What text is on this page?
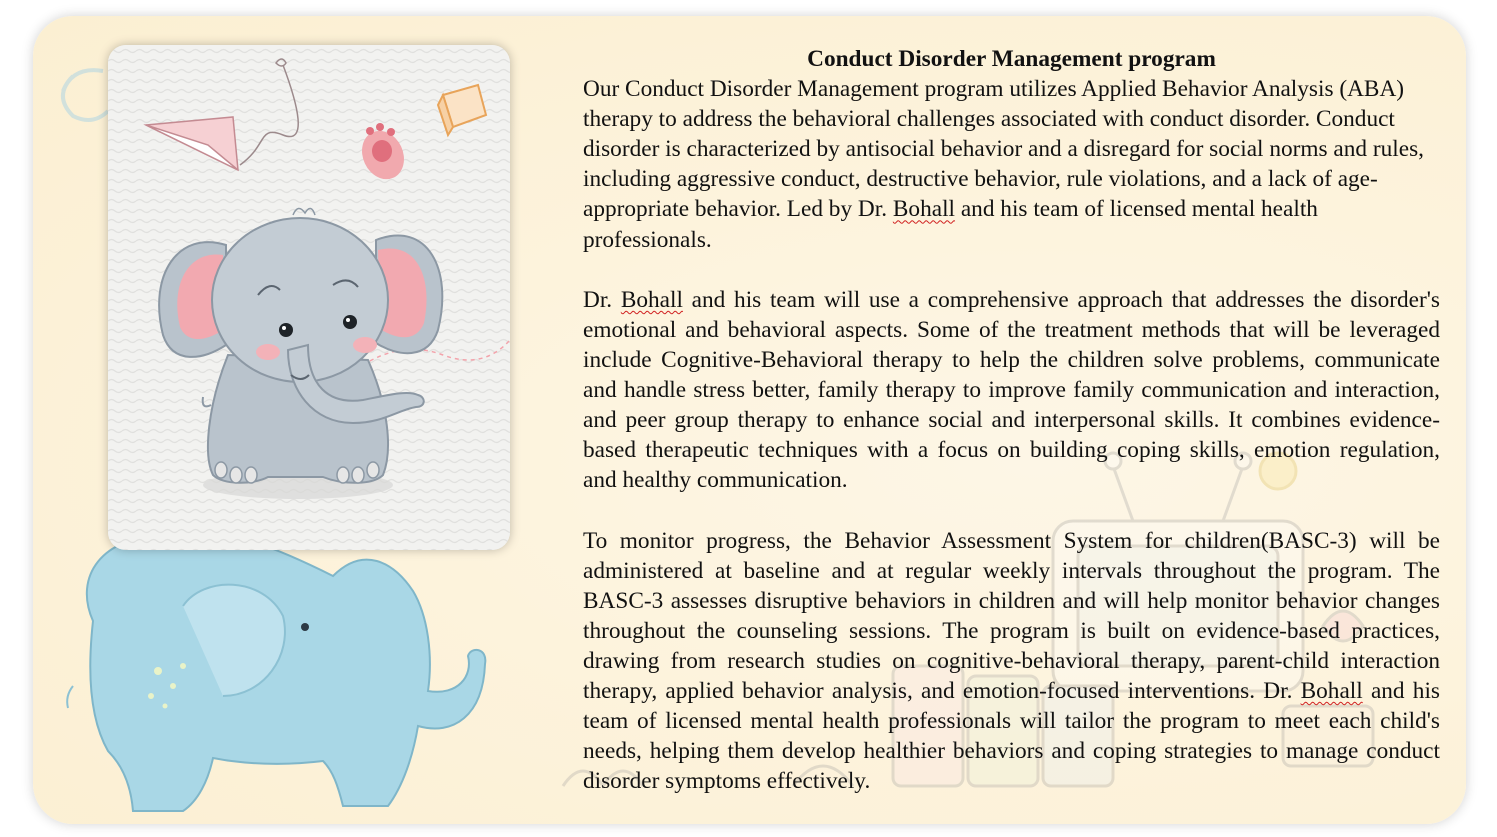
Conduct Disorder Management program

Our Conduct Disorder Management program utilizes Applied Behavior Analysis (ABA) therapy to address the behavioral challenges associated with conduct disorder. Conduct disorder is characterized by antisocial behavior and a disregard for social norms and rules, including aggressive conduct, destructive behavior, rule violations, and a lack of age-appropriate behavior. Led by Dr. Bohall and his team of licensed mental health professionals.

Dr. Bohall and his team will use a comprehensive approach that addresses the disorder's emotional and behavioral aspects. Some of the treatment methods that will be leveraged include Cognitive-Behavioral therapy to help the children solve problems, communicate and handle stress better, family therapy to improve family communication and interaction, and peer group therapy to enhance social and interpersonal skills. It combines evidence-based therapeutic techniques with a focus on building coping skills, emotion regulation, and healthy communication.

To monitor progress, the Behavior Assessment System for children(BASC-3) will be administered at baseline and at regular weekly intervals throughout the program. The BASC-3 assesses disruptive behaviors in children and will help monitor behavior changes throughout the counseling sessions. The program is built on evidence-based practices, drawing from research studies on cognitive-behavioral therapy, parent-child interaction therapy, applied behavior analysis, and emotion-focused interventions. Dr. Bohall and his team of licensed mental health professionals will tailor the program to meet each child's needs, helping them develop healthier behaviors and coping strategies to manage conduct disorder symptoms effectively.
